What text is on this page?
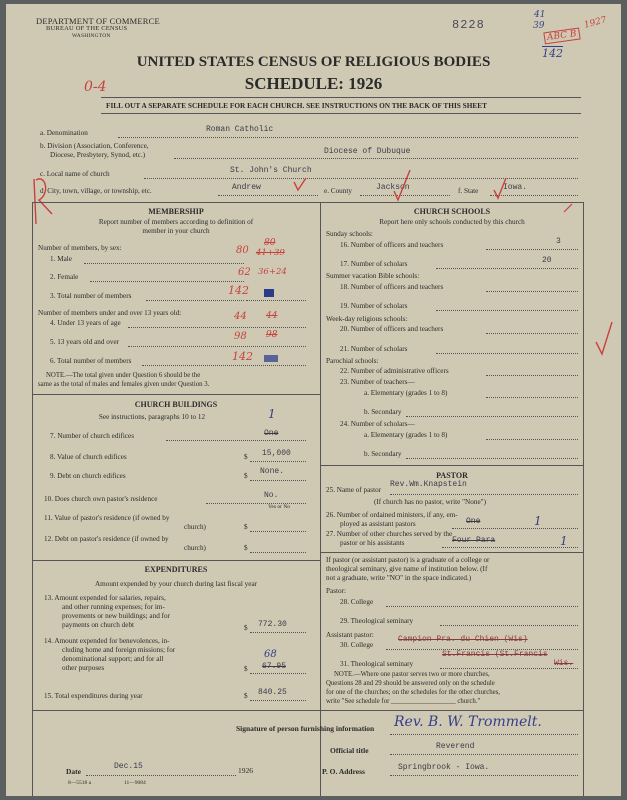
DEPARTMENT OF COMMERCE
BUREAU OF THE CENSUS
WASHINGTON
8228
41
39
ABC B
1927
142
UNITED STATES CENSUS OF RELIGIOUS BODIES
SCHEDULE: 1926
0-4
FILL OUT A SEPARATE SCHEDULE FOR EACH CHURCH. SEE INSTRUCTIONS ON THE BACK OF THIS SHEET
a. Denomination	Roman Catholic
b. Division (Association, Conference,
Diocese, Presbytery, Synod, etc.)	Diocese of Dubuque
c. Local name of church	St. John's Church
d. City, town, village, or township, etc.	Andrew	e. County	Jackson	f. State	Iowa.
MEMBERSHIP
Report number of members according to definition of
member in your church
Number of members, by sex:
1. Male
80
80
41+39
2. Female	62 36+24
3. Total number of members	142
Number of members under and over 13 years old:
4. Under 13 years of age
44 44
5. 13 years old and over	98 98
6. Total number of members	142
NOTE.—The total given under Question 6 should be the
same as the total of males and females given under Question 3.
CHURCH BUILDINGS
See instructions, paragraphs 10 to 12	1
7. Number of church edifices	One
8. Value of church edifices	$ 15,000
9. Debt on church edifices	$ None.
10. Does church own pastor's residence	No.
Yes or No
11. Value of pastor's residence (if owned by
church)	$
12. Debt on pastor's residence (if owned by
church)	$
EXPENDITURES
Amount expended by your church during last fiscal year
13. Amount expended for salaries, repairs,
and other running expenses; for im-
provements or new buildings; and for
payments on church debt	$ 772.30
14. Amount expended for benevolences, in-
cluding home and foreign missions; for
denominational support; and for all
other purposes
68
$ 67.95
15. Total expenditures during year	$ 840.25
CHURCH SCHOOLS
Report here only schools conducted by this church
Sunday schools:
16. Number of officers and teachers	3
17. Number of scholars	20
Summer vacation Bible schools:
18. Number of officers and teachers
19. Number of scholars
Week-day religious schools:
20. Number of officers and teachers
21. Number of scholars
Parochial schools:
22. Number of administrative officers
23. Number of teachers—
a. Elementary (grades 1 to 8)
b. Secondary
24. Number of scholars—
a. Elementary (grades 1 to 8)
b. Secondary
PASTOR
25. Name of pastor
Rev.Wm.Knapstein
(If church has no pastor, write "None")
26. Number of ordained ministers, if any, em-
ployed as assistant pastors	One	1
27. Number of other churches served by the
pastor or his assistants	Four Para	1
If pastor (or assistant pastor) is a graduate of a college or
theological seminary, give name of institution below. (If
not a graduate, write "NO" in the space indicated.)
Pastor:
28. College
29. Theological seminary
Assistant pastor:
30. College
Campion Pra. du Chien (Wis)
31. Theological seminary
St.Francis (St.Francis
Wis.
NOTE.—Where one pastor serves two or more churches,
Questions 28 and 29 should be answered only on the schedule
for one of the churches; on the schedules for the other churches,
write "See schedule for ___________________ church."
Signature of person furnishing information Rev. B. W. Trommelt.
Official title	Reverend
Date
Dec.15	1926	P. O. Address	Springbrook - Iowa.
8—5518 a	11—9084
